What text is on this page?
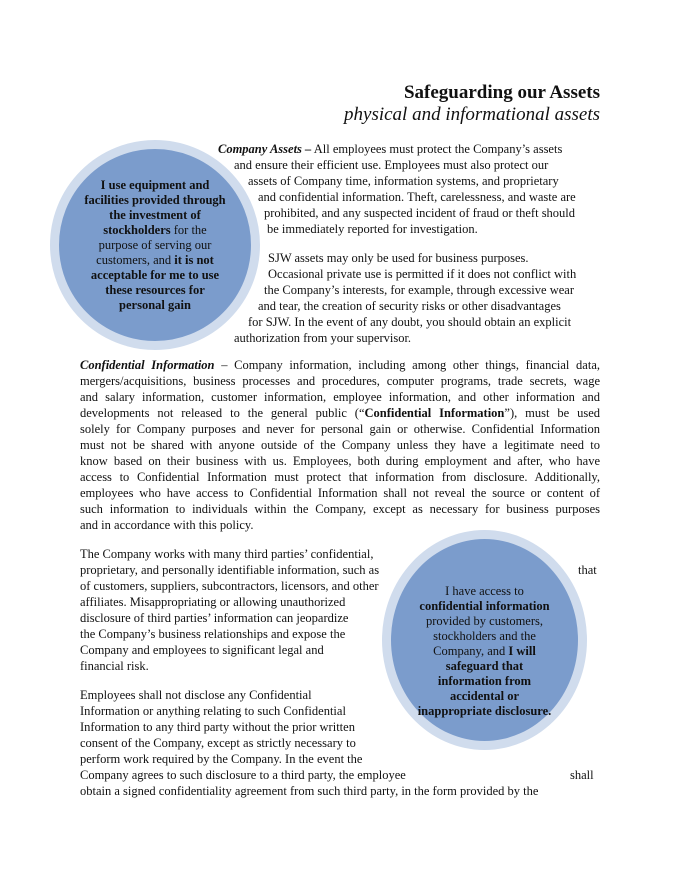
Safeguarding our Assets
physical and informational assets
I use equipment and
facilities provided through
the investment of
stockholders for the
purpose of serving our
customers, and it is not
acceptable for me to use
these resources for
personal gain
Company Assets – All employees must protect the Company’s assets
and ensure their efficient use. Employees must also protect our
assets of Company time, information systems, and proprietary
and confidential information. Theft, carelessness, and waste are
prohibited, and any suspected incident of fraud or theft should
be immediately reported for investigation.
SJW assets may only be used for business purposes.
Occasional private use is permitted if it does not conflict with
the Company’s interests, for example, through excessive wear
and tear, the creation of security risks or other disadvantages
for SJW. In the event of any doubt, you should obtain an explicit
authorization from your supervisor.
Confidential Information – Company information, including among other things, financial data,
mergers/acquisitions, business processes and procedures, computer programs, trade secrets, wage
and salary information, customer information, employee information, and other information and
developments not released to the general public (“Confidential Information”), must be used
solely for Company purposes and never for personal gain or otherwise. Confidential Information
must not be shared with anyone outside of the Company unless they have a legitimate need to
know based on their business with us. Employees, both during employment and after, who have
access to Confidential Information must protect that information from disclosure. Additionally,
employees who have access to Confidential Information shall not reveal the source or content of
such information to individuals within the Company, except as necessary for business purposes
and in accordance with this policy.
The Company works with many third parties’ confidential,
proprietary, and personally identifiable information, such as	that
of customers, suppliers, subcontractors, licensors, and other
affiliates. Misappropriating or allowing unauthorized
disclosure of third parties’ information can jeopardize
the Company’s business relationships and expose the
Company and employees to significant legal and
financial risk.
Employees shall not disclose any Confidential
Information or anything relating to such Confidential
Information to any third party without the prior written
consent of the Company, except as strictly necessary to
perform work required by the Company. In the event the
Company agrees to such disclosure to a third party, the employee	shall
obtain a signed confidentiality agreement from such third party, in the form provided by the
I have access to
confidential information
provided by customers,
stockholders and the
Company, and I will
safeguard that
information from
accidental or
inappropriate disclosure.
